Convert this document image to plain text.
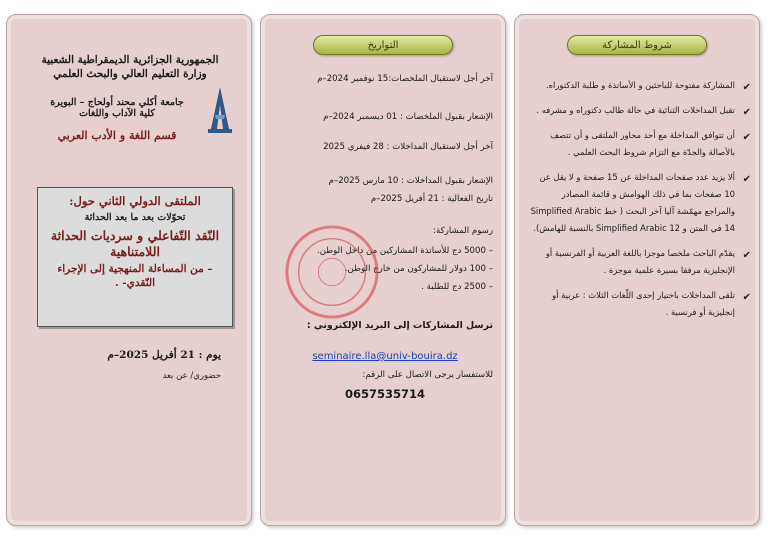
الجمهورية الجزائرية الديمقراطية الشعبية
وزارة التعليم العالي والبحث العلمي
جامعة أكلي محند أولحاج – البويرة
كلية الآداب واللغات
قسم اللغة و الأدب العربي
الملتقى الدولي الثاني حول:
تحوّلات بعد ما بعد الحداثة
النّقد التّفاعلي و سرديات الحداثة اللامتناهية
– من المساءلة المنهجية إلى الإجراء النّقدي- .
يوم : 21 أفريل 2025–م
حضوري/ عن بعد
التواريخ
آخر أجل لاستقبال الملخصات:15 نوفمبر 2024–م
الإشعار بقبول الملخصات : 01 ديسمبر 2024–م
آخر أجل لاستقبال المداخلات : 28 فيفري 2025
الإشعار بقبول المداخلات : 10 مارس 2025–م
تاريخ الفعالية : 21 أفريل 2025–م
رسوم المشاركة:
– 5000 دج للأساتذة المشاركين من داخل الوطن.
– 100 دولار للمشاركون من خارج الوطن.
– 2500 دج للطلبة .
ترسل المشاركات إلى البريد الإلكتروني :
seminaire.lla@univ-bouira.dz
للاستفسار يرجى الاتصال على الرقم:
0657535714
شروط المشاركة
✔
المشاركة مفتوحة للباحثين و الأساتذة و طلبة الدكتوراه.
✔
تقبل المداخلات الثنائية في حالة طالب دكتوراه و مشرفه .
✔
أن تتوافق المداخلة مع أحد محاور الملتقى و أن تتصف بالأصالة والجدّة مع التزام شروط البحث العلمي .
✔
ألا يزيد عدد صفحات المداخلة عن 15 صفحة و لا يقل عن 10 صفحات بما في ذلك الهوامش و قائمة المصادر والمراجع مهمّشة آليا آخر البحث ( خط Simplified Arabic 14 في المتن و Simplified Arabic 12 بالنسبة للهامش).
✔
يقدّم الباحث ملخصا موجزا باللغة العربية أو الفرنسية أو الإنجليزية مرفقا بسيرة علمية موجزة .
✔
تلقى المداخلات باختيار إحدى اللّغات الثلاث : عربية أو إنجليزية أو فرنسية .
